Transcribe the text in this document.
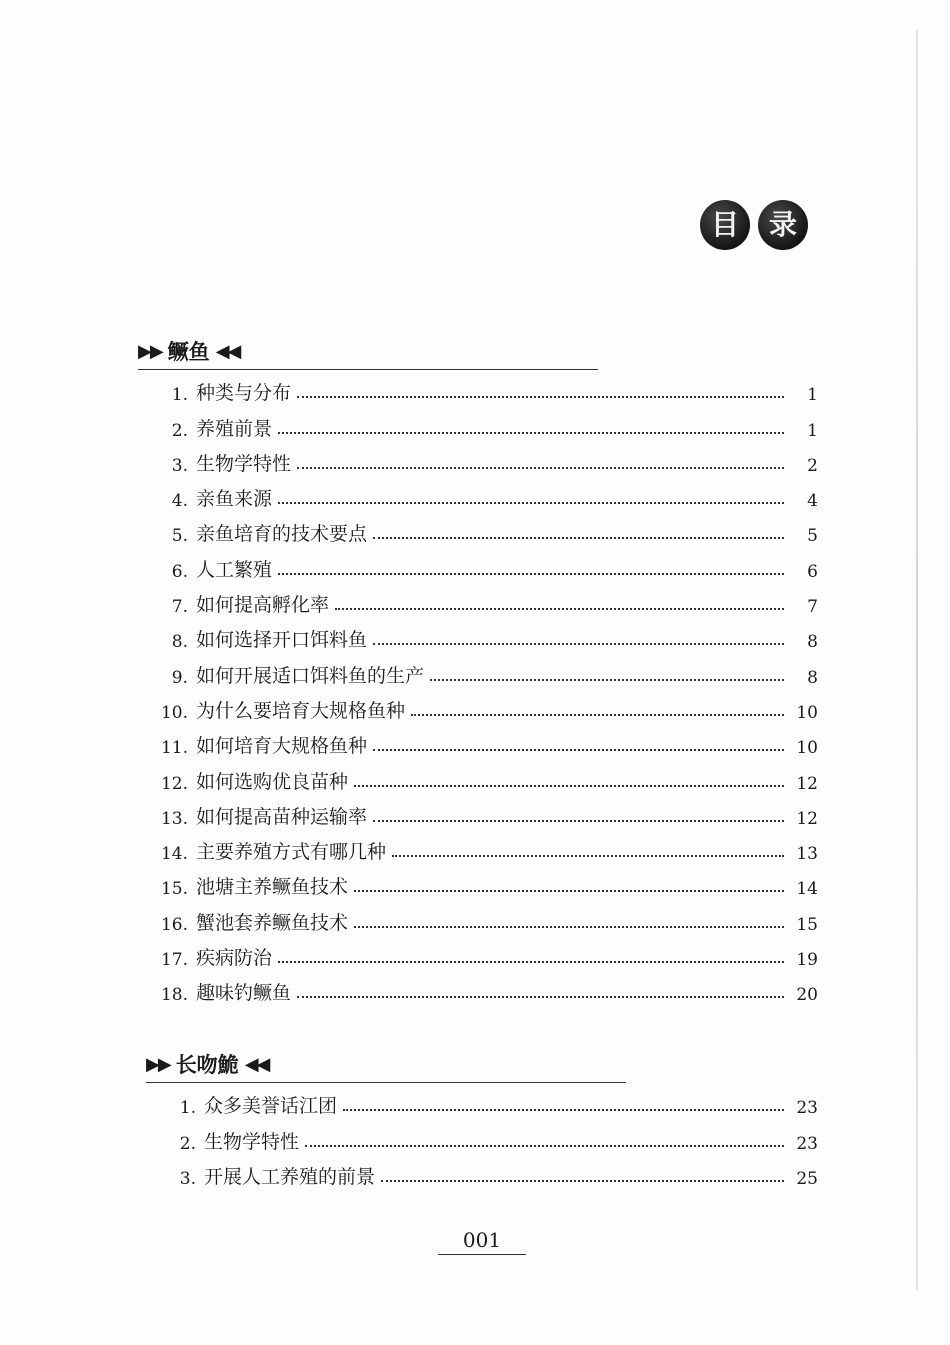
目	录
▶▶ 鳜鱼 ◀◀
1. 种类与分布	1
2. 养殖前景	1
3. 生物学特性	2
4. 亲鱼来源	4
5. 亲鱼培育的技术要点	5
6. 人工繁殖	6
7. 如何提高孵化率	7
8. 如何选择开口饵料鱼	8
9. 如何开展适口饵料鱼的生产	8
10. 为什么要培育大规格鱼种	10
11. 如何培育大规格鱼种	10
12. 如何选购优良苗种	12
13. 如何提高苗种运输率	12
14. 主要养殖方式有哪几种	13
15. 池塘主养鳜鱼技术	14
16. 蟹池套养鳜鱼技术	15
17. 疾病防治	19
18. 趣味钓鳜鱼	20
▶▶ 长吻鮠 ◀◀
1. 众多美誉话江团	23
2. 生物学特性	23
3. 开展人工养殖的前景	25
001
